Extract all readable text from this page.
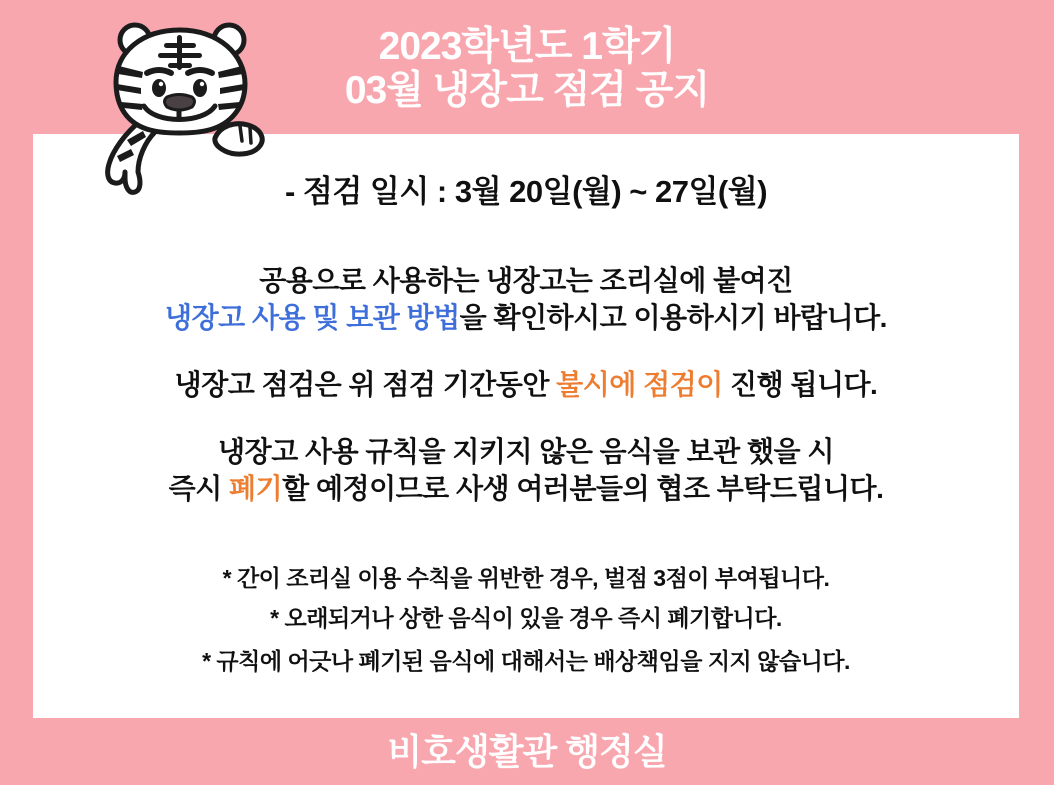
2023학년도 1학기
03월 냉장고 점검 공지
- 점검 일시 : 3월 20일(월) ~ 27일(월)
공용으로 사용하는 냉장고는 조리실에 붙여진
냉장고 사용 및 보관 방법을 확인하시고 이용하시기 바랍니다.
냉장고 점검은 위 점검 기간동안 불시에 점검이 진행 됩니다.
냉장고 사용 규칙을 지키지 않은 음식을 보관 했을 시
즉시 폐기할 예정이므로 사생 여러분들의 협조 부탁드립니다.
* 간이 조리실 이용 수칙을 위반한 경우, 벌점 3점이 부여됩니다.
* 오래되거나 상한 음식이 있을 경우 즉시 폐기합니다.
* 규칙에 어긋나 폐기된 음식에 대해서는 배상책임을 지지 않습니다.
비호생활관 행정실
